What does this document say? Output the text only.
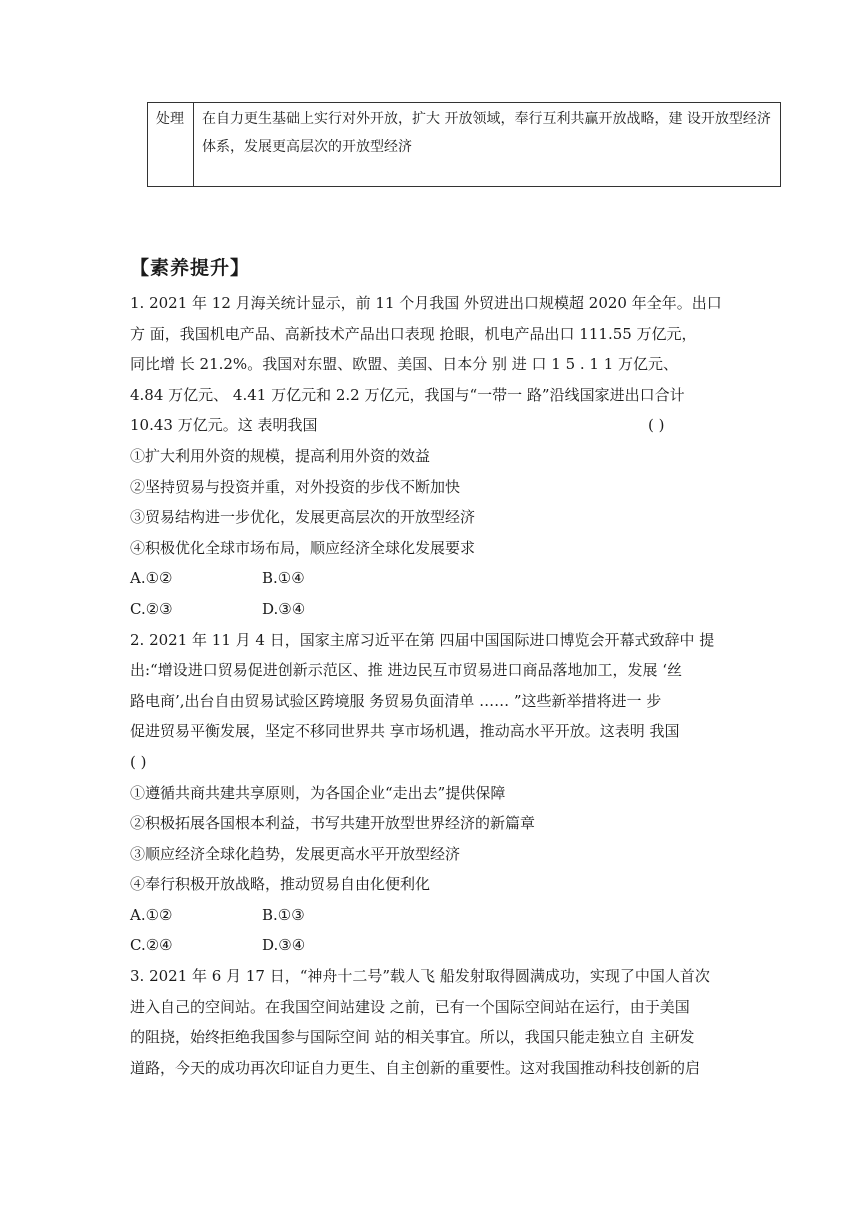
处理	在自力更生基础上实行对外开放，扩大 开放领域，奉行互利共赢开放战略，建 设开放型经济体系，发展更高层次的开放型经济
【素养提升】
1. 2021 年 12 月海关统计显示，前 11 个月我国 外贸进出口规模超 2020 年全年。出口
方 面，我国机电产品、高新技术产品出口表现 抢眼，机电产品出口 111.55 万亿元，
同比增 长 21.2%。我国对东盟、欧盟、美国、日本分 别 进 口 1 5 . 1 1 万亿元、
4.84 万亿元、 4.41 万亿元和 2.2 万亿元，我国与“一带一 路”沿线国家进出口合计
10.43 万亿元。这 表明我国	( )
①扩大利用外资的规模，提高利用外资的效益
②坚持贸易与投资并重，对外投资的步伐不断加快
③贸易结构进一步优化，发展更高层次的开放型经济
④积极优化全球市场布局，顺应经济全球化发展要求
A.①②	B.①④
C.②③	D.③④
2. 2021 年 11 月 4 日，国家主席习近平在第 四届中国国际进口博览会开幕式致辞中 提
出:“增设进口贸易促进创新示范区、推 进边民互市贸易进口商品落地加工，发展 ‘丝
路电商’,出台自由贸易试验区跨境服 务贸易负面清单 …… ”这些新举措将进一 步
促进贸易平衡发展，坚定不移同世界共 享市场机遇，推动高水平开放。这表明 我国
( )
①遵循共商共建共享原则，为各国企业“走出去”提供保障
②积极拓展各国根本利益，书写共建开放型世界经济的新篇章
③顺应经济全球化趋势，发展更高水平开放型经济
④奉行积极开放战略，推动贸易自由化便利化
A.①②	B.①③
C.②④	D.③④
3. 2021 年 6 月 17 日，“神舟十二号”载人飞 船发射取得圆满成功，实现了中国人首次
进入自己的空间站。在我国空间站建设 之前，已有一个国际空间站在运行，由于美国
的阻挠，始终拒绝我国参与国际空间 站的相关事宜。所以，我国只能走独立自 主研发
道路，今天的成功再次印证自力更生、自主创新的重要性。这对我国推动科技创新的启
